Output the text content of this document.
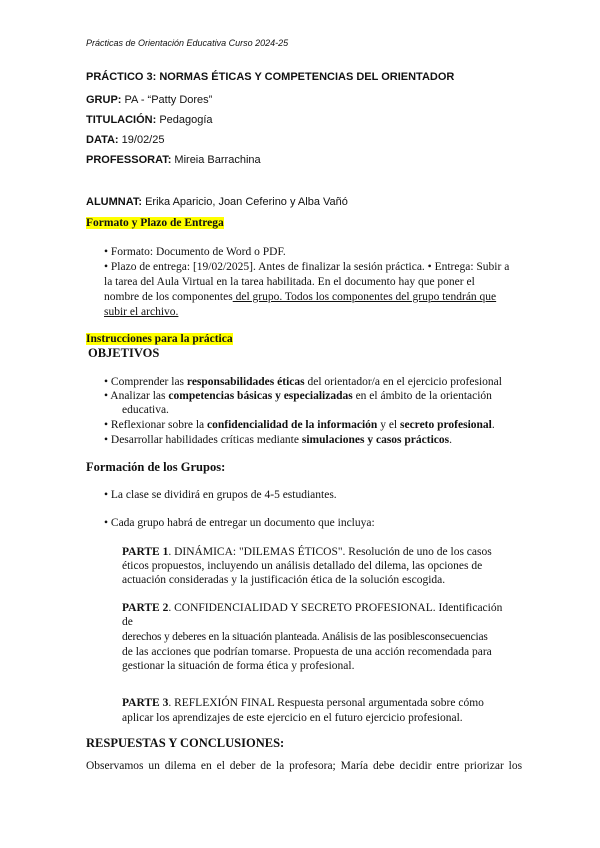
Prácticas de Orientación Educativa Curso 2024-25
PRÁCTICO 3: NORMAS ÉTICAS Y COMPETENCIAS DEL ORIENTADOR
GRUP: PA - “Patty Dores”
TITULACIÓN: Pedagogía
DATA: 19/02/25
PROFESSORAT: Mireia Barrachina
ALUMNAT: Erika Aparicio, Joan Ceferino y Alba Vañó
Formato y Plazo de Entrega
• Formato: Documento de Word o PDF.
• Plazo de entrega: [19/02/2025]. Antes de finalizar la sesión práctica. • Entrega: Subir a
la tarea del Aula Virtual en la tarea habilitada. En el documento hay que poner el
nombre de los componentes del grupo. Todos los componentes del grupo tendrán que
subir el archivo.
Instrucciones para la práctica
OBJETIVOS
• Comprender las responsabilidades éticas del orientador/a en el ejercicio profesional
• Analizar las competencias básicas y especializadas en el ámbito de la orientación
educativa.
• Reflexionar sobre la confidencialidad de la información y el secreto profesional.
• Desarrollar habilidades críticas mediante simulaciones y casos prácticos.
Formación de los Grupos:
• La clase se dividirá en grupos de 4-5 estudiantes.
• Cada grupo habrá de entregar un documento que incluya:
PARTE 1. DINÁMICA: "DILEMAS ÉTICOS". Resolución de uno de los casos
éticos propuestos, incluyendo un análisis detallado del dilema, las opciones de
actuación consideradas y la justificación ética de la solución escogida.
PARTE 2. CONFIDENCIALIDAD Y SECRETO PROFESIONAL. Identificación
de
derechos y deberes en la situación planteada. Análisis de las posiblesconsecuencias
de las acciones que podrían tomarse. Propuesta de una acción recomendada para
gestionar la situación de forma ética y profesional.
PARTE 3. REFLEXIÓN FINAL Respuesta personal argumentada sobre cómo
aplicar los aprendizajes de este ejercicio en el futuro ejercicio profesional.
RESPUESTAS Y CONCLUSIONES:
Observamos un dilema en el deber de la profesora; María debe decidir entre priorizar los
